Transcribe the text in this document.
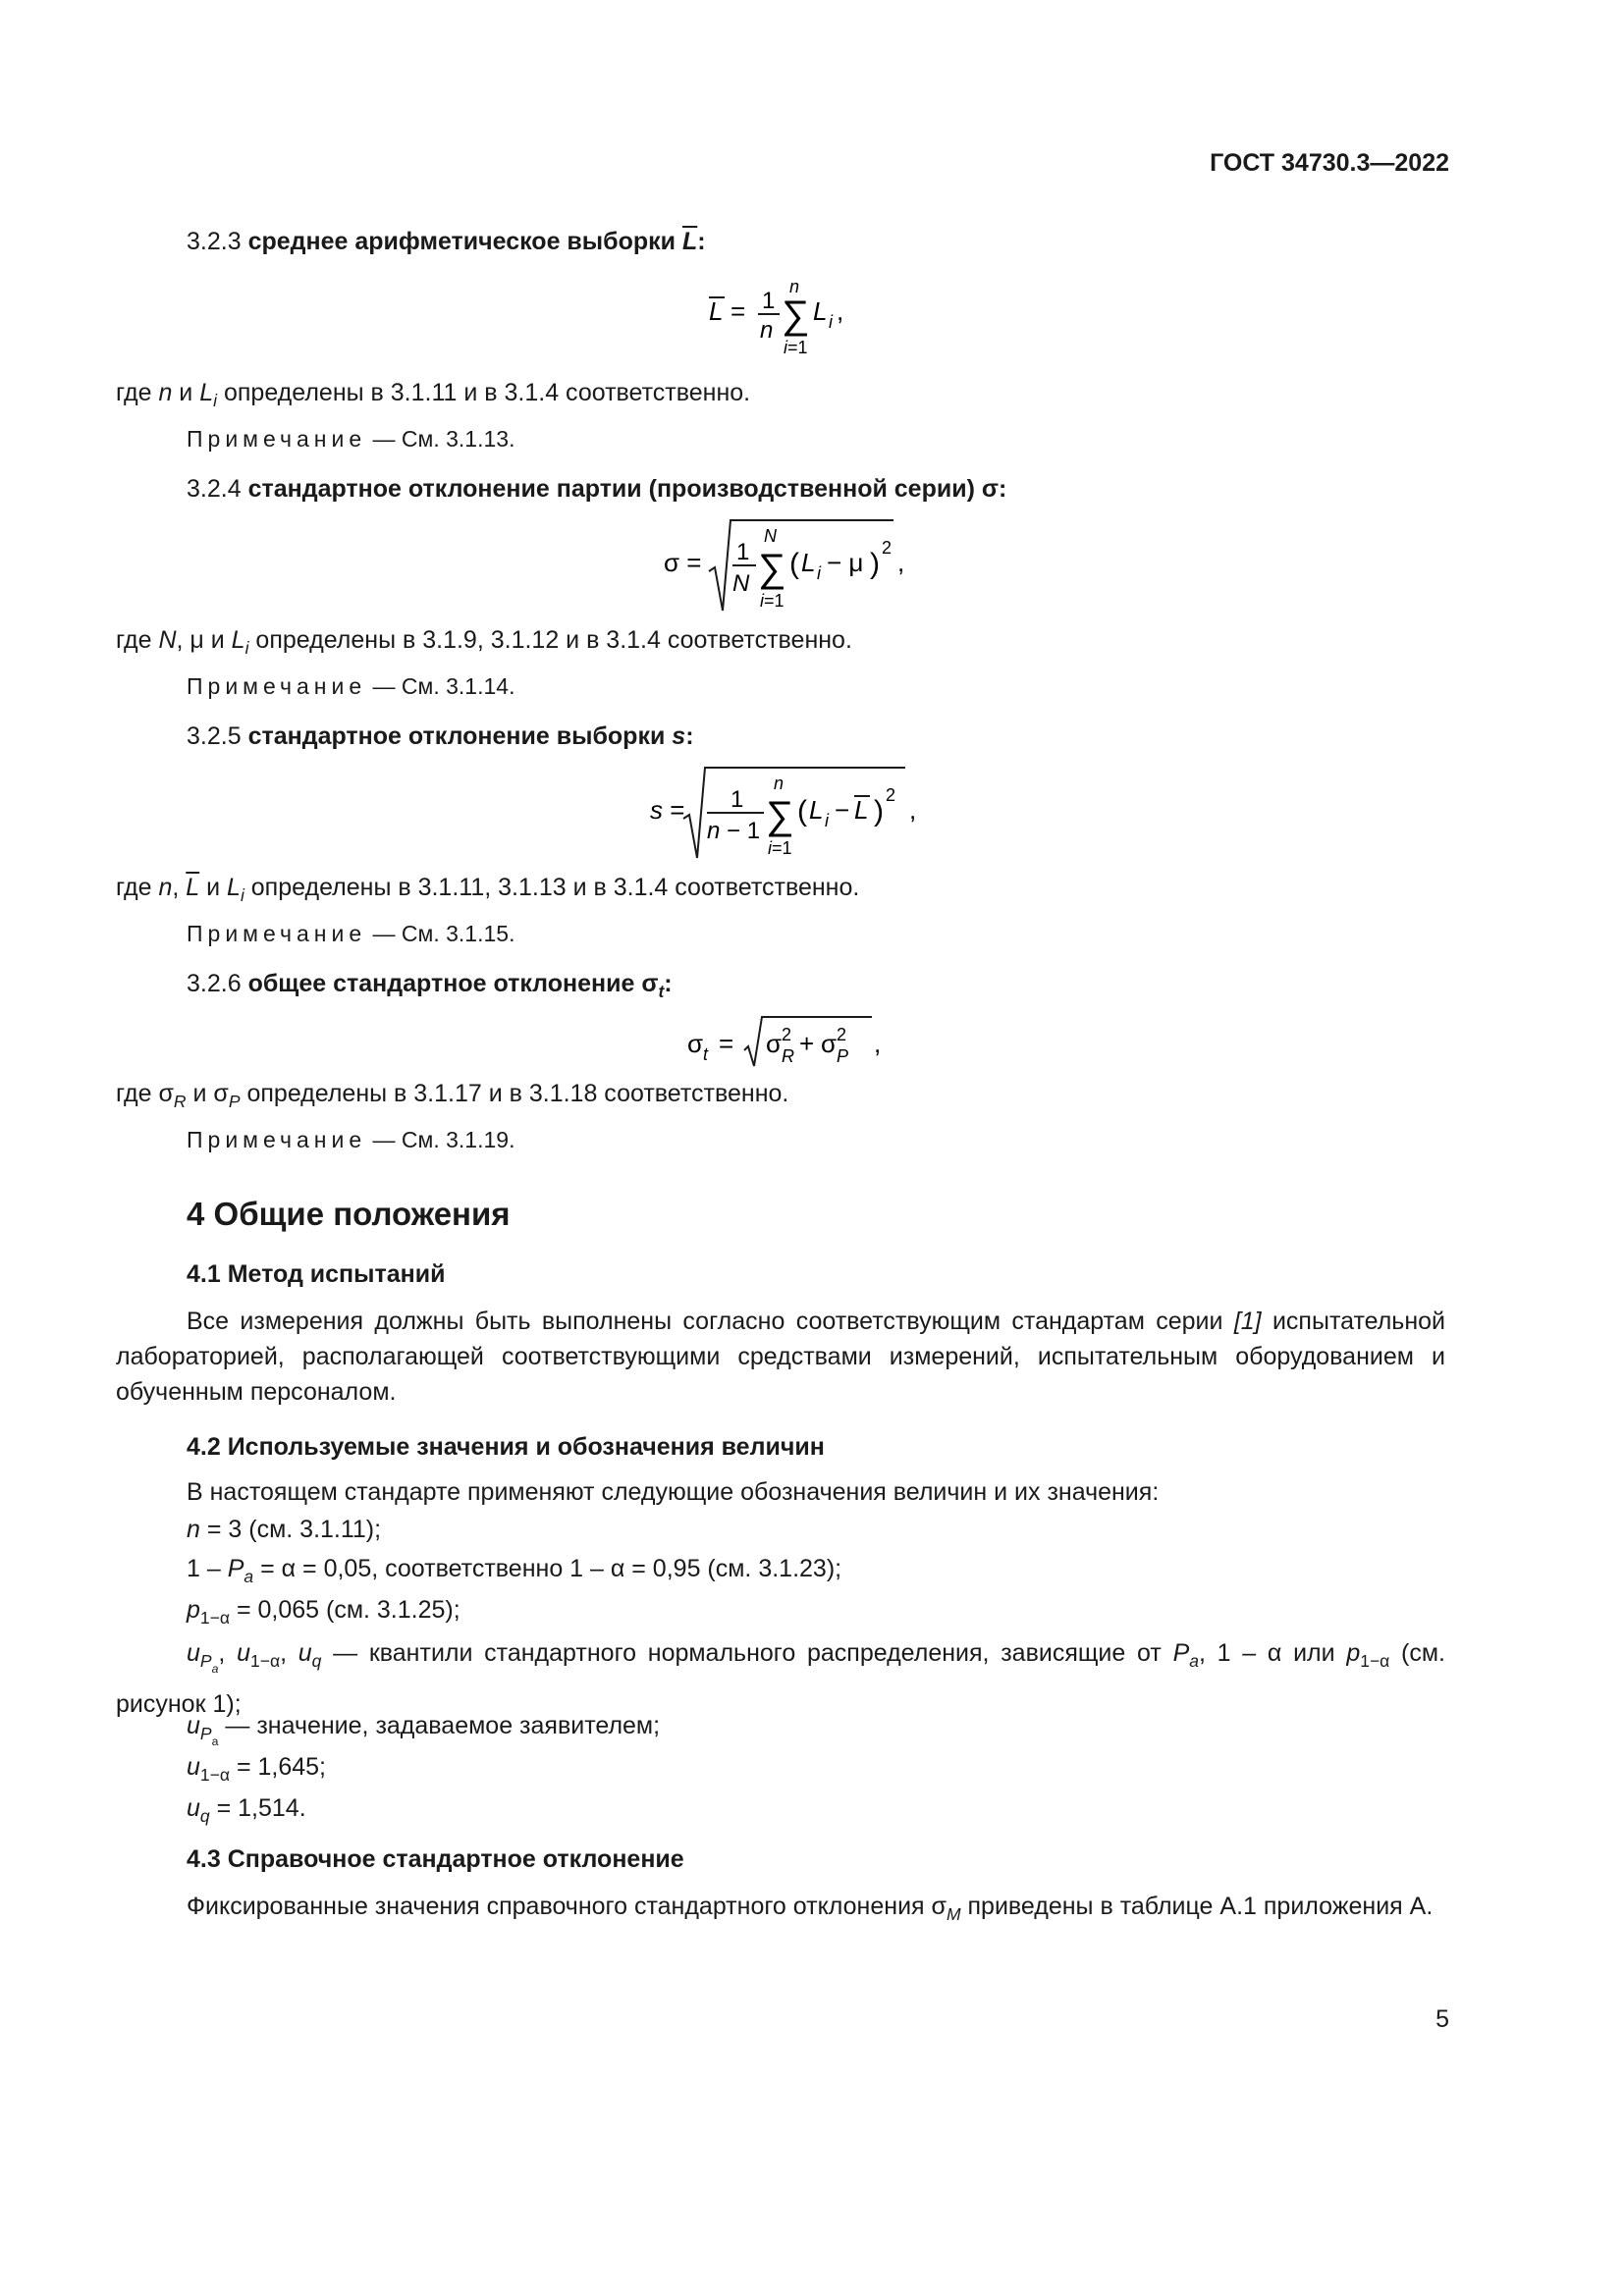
ГОСТ 34730.3—2022
3.2.3 среднее арифметическое выборки $\overline{L}$:
L = 1
n ∑
n
i=1
L i ,
где n и $L_i$ определены в 3.1.11 и в 3.1.4 соответственно.
Примечание — См. 3.1.13.
3.2.4 стандартное отклонение партии (производственной серии) σ:
σ = 1
N ∑
N
i=1
( L i − μ ) 2 ,
где N, μ и $L_i$ определены в 3.1.9, 3.1.12 и в 3.1.4 соответственно.
Примечание — См. 3.1.14.
3.2.5 стандартное отклонение выборки s:
s = 1
n − 1 ∑
n
i=1
( L i − L ) 2 ,
где n, $\overline{L}$ и $L_i$ определены в 3.1.11, 3.1.13 и в 3.1.4 соответственно.
Примечание — См. 3.1.15.
3.2.6 общее стандартное отклонение $\sigma_t$:
σ t = σ 2
R + σ 2
P ,
где $\sigma_R$ и $\sigma_P$ определены в 3.1.17 и в 3.1.18 соответственно.
Примечание — См. 3.1.19.
4 Общие положения
4.1 Метод испытаний
Все измерения должны быть выполнены согласно соответствующим стандартам серии [1] испытательной лабораторией, располагающей соответствующими средствами измерений, испытательным оборудованием и обученным персоналом.
4.2 Используемые значения и обозначения величин
В настоящем стандарте применяют следующие обозначения величин и их значения:
n = 3 (см. 3.1.11);
$1 - P_a = \alpha = 0,05$, соответственно 1 – α = 0,95 (см. 3.1.23);
$p_{1-\alpha} = 0,065$ (см. 3.1.25);
$u_{P_a}$, $u_{1-\alpha}$, $u_q$ — квантили стандартного нормального распределения, зависящие от $P_a$, 1 – α или $p_{1-\alpha}$ (см. рисунок 1);
$u_{P_a}$ — значение, задаваемое заявителем;
$u_{1-\alpha} = 1,645$;
$u_q = 1,514$.
4.3 Справочное стандартное отклонение
Фиксированные значения справочного стандартного отклонения $\sigma_M$ приведены в таблице А.1 приложения А.
5
